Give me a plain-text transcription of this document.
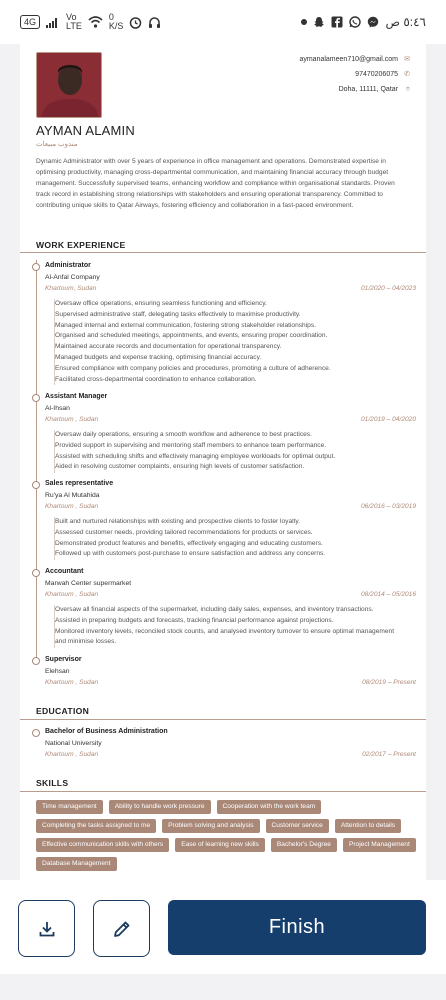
4G	Vo
LTE
0
K/S	٥:٤٦ ص
aymanalameen710@gmail.com ✉
97470206075 ✆
Doha, 11111, Qatar	⌾
AYMAN ALAMIN
مندوب مبيعات
Dynamic Administrator with over 5 years of experience in office management and operations. Demonstrated expertise in optimising productivity, managing cross-departmental communication, and maintaining financial accuracy through budget management. Successfully supervised teams, enhancing workflow and compliance within organisational standards. Proven track record in establishing strong relationships with stakeholders and ensuring operational transparency. Committed to contributing unique skills to Qatar Airways, fostering efficiency and collaboration in a fast-paced environment.
WORK EXPERIENCE
Administrator
Al-Anfal Company
Khartoum, Sudan	01/2020 – 04/2023
Oversaw office operations, ensuring seamless functioning and efficiency.
Supervised administrative staff, delegating tasks effectively to maximise productivity.
Managed internal and external communication, fostering strong stakeholder relationships.
Organised and scheduled meetings, appointments, and events, ensuring proper coordination.
Maintained accurate records and documentation for operational transparency.
Managed budgets and expense tracking, optimising financial accuracy.
Ensured compliance with company policies and procedures, promoting a culture of adherence.
Facilitated cross-departmental coordination to enhance collaboration.
Assistant Manager
Al-Ihsan
Khartoum , Sudan	01/2019 – 04/2020
Oversaw daily operations, ensuring a smooth workflow and adherence to best practices.
Provided support in supervising and mentoring staff members to enhance team performance.
Assisted with scheduling shifts and effectively managing employee workloads for optimal output.
Aided in resolving customer complaints, ensuring high levels of customer satisfaction.
Sales representative
Ru'ya Al Mutahida
Khartoum , Sudan	06/2016 – 03/2019
Built and nurtured relationships with existing and prospective clients to foster loyalty.
Assessed customer needs, providing tailored recommendations for products or services.
Demonstrated product features and benefits, effectively engaging and educating customers.
Followed up with customers post-purchase to ensure satisfaction and address any concerns.
Accountant
Marwah Center supermarket
Khartoum , Sudan	08/2014 – 05/2016
Oversaw all financial aspects of the supermarket, including daily sales, expenses, and inventory transactions.
Assisted in preparing budgets and forecasts, tracking financial performance against projections.
Monitored inventory levels, reconciled stock counts, and analysed inventory turnover to ensure optimal management and minimise losses.
Supervisor
Elehsan
Khartoum , Sudan	08/2019 – Present
EDUCATION
Bachelor of Business Administration
National University
Khartoum , Sudan	02/2017 – Present
SKILLS
Time management	Ability to handle work pressure	Cooperation with the work team
Completing the tasks assigned to me	Problem solving and analysis	Customer service	Attention to details
Effective communication skills with others	Ease of learning new skills	Bachelor's Degree	Project Management
Database Management
Finish
